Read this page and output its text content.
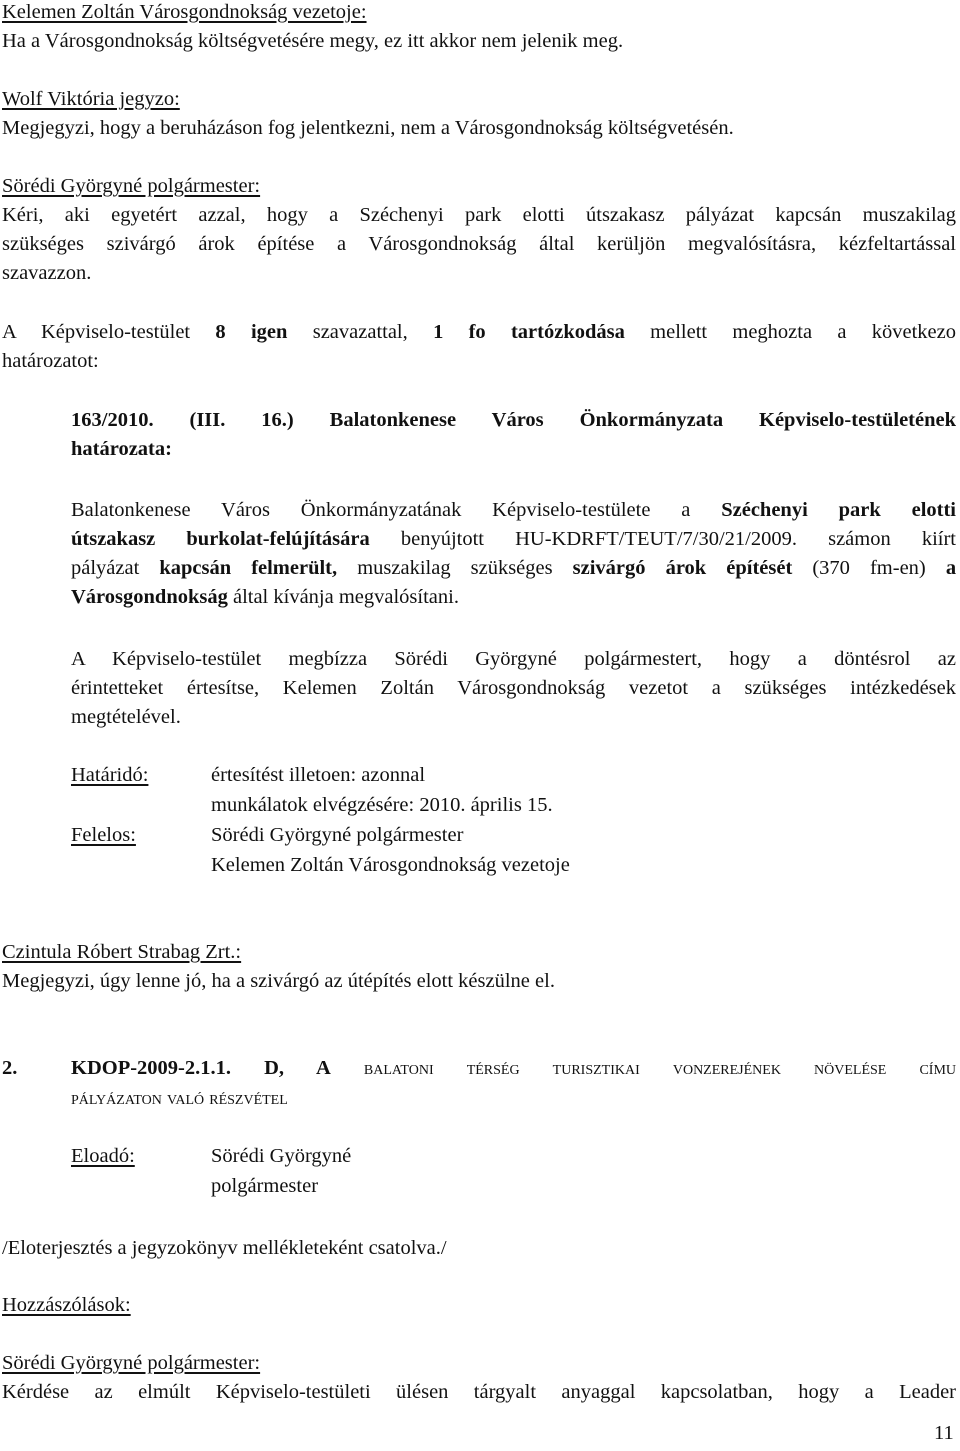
Kelemen Zoltán Városgondnokság vezetoje:

Ha a Városgondnokság költségvetésére megy, ez itt akkor nem jelenik meg.

Wolf Viktória jegyzo:

Megjegyzi, hogy a beruházáson fog jelentkezni, nem a Városgondnokság költségvetésén.

Sörédi Györgyné polgármester:

Kéri, aki egyetért azzal, hogy a Széchenyi park elotti útszakasz pályázat kapcsán muszakilag

szükséges szivárgó árok építése a Városgondnokság által kerüljön megvalósításra, kézfeltartással

szavazzon.

A Képviselo-testület 8 igen szavazattal, 1 fo tartózkodása mellett meghozta a következo

határozatot:

163/2010. (III. 16.) Balatonkenese Város Önkormányzata Képviselo-testületének

határozata:

Balatonkenese Város Önkormányzatának Képviselo-testülete a Széchenyi park elotti

útszakasz burkolat-felújítására benyújtott HU-KDRFT/TEUT/7/30/21/2009. számon kiírt

pályázat kapcsán felmerült, muszakilag szükséges szivárgó árok építését (370 fm-en) a

Városgondnokság által kívánja megvalósítani.

A Képviselo-testület megbízza Sörédi Györgyné polgármestert, hogy a döntésrol az

érintetteket értesítse, Kelemen Zoltán Városgondnokság vezetot a szükséges intézkedések

megtételével.

Határidó:	értesítést illetoen: azonnal
munkálatok elvégzésére: 2010. április 15.
Felelos:	Sörédi Györgyné polgármester
Kelemen Zoltán Városgondnokság vezetoje

Czintula Róbert Strabag Zrt.:

Megjegyzi, úgy lenne jó, ha a szivárgó az útépítés elott készülne el.

2.	KDOP-2009-2.1.1. D, A balatoni térség turisztikai vonzerejének növelése címu

pályázaton való részvétel

Eloadó:	Sörédi Györgyné
polgármester

/Eloterjesztés a jegyzokönyv mellékleteként csatolva./

Hozzászólások:

Sörédi Györgyné polgármester:

Kérdése az elmúlt Képviselo-testületi ülésen tárgyalt anyaggal kapcsolatban, hogy a Leader

11
